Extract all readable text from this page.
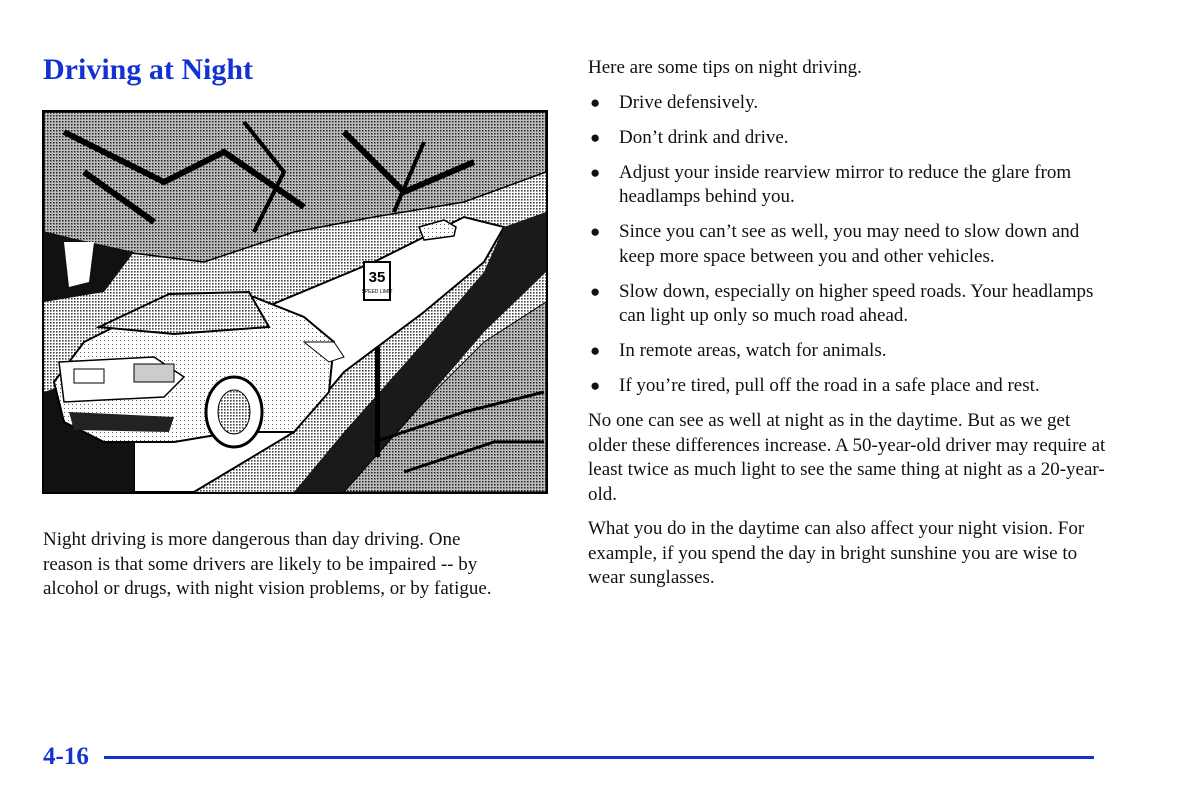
Driving at Night
35
SPEED LIMIT

Night driving is more dangerous than day driving. One reason is that some drivers are likely to be impaired -- by alcohol or drugs, with night vision problems, or by fatigue.

Here are some tips on night driving.

● Drive defensively.
● Don’t drink and drive.
● Adjust your inside rearview mirror to reduce the glare from headlamps behind you.
● Since you can’t see as well, you may need to slow down and keep more space between you and other vehicles.
● Slow down, especially on higher speed roads. Your headlamps can light up only so much road ahead.
● In remote areas, watch for animals.
● If you’re tired, pull off the road in a safe place and rest.

No one can see as well at night as in the daytime. But as we get older these differences increase. A 50-year-old driver may require at least twice as much light to see the same thing at night as a 20-year-old.

What you do in the daytime can also affect your night vision. For example, if you spend the day in bright sunshine you are wise to wear sunglasses.

4-16
